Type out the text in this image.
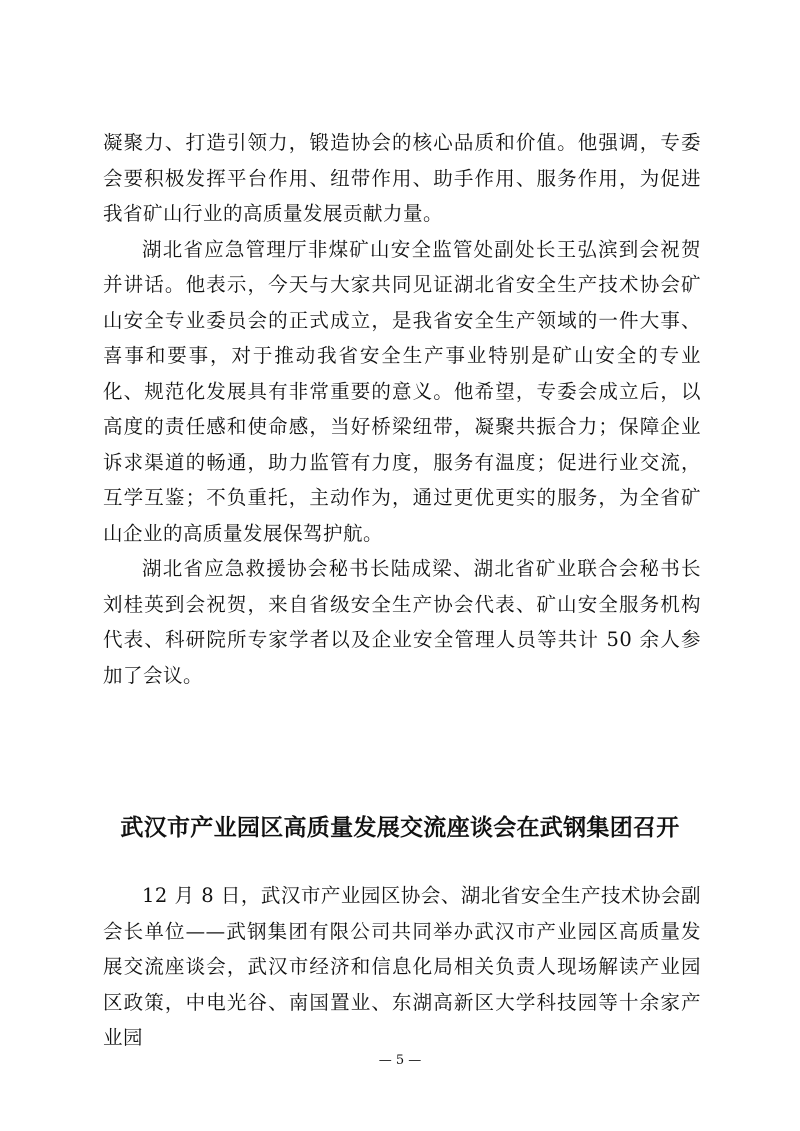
凝聚力、打造引领力，锻造协会的核心品质和价值。他强调，专委会要积极发挥平台作用、纽带作用、助手作用、服务作用，为促进我省矿山行业的高质量发展贡献力量。

湖北省应急管理厅非煤矿山安全监管处副处长王弘滨到会祝贺并讲话。他表示，今天与大家共同见证湖北省安全生产技术协会矿山安全专业委员会的正式成立，是我省安全生产领域的一件大事、喜事和要事，对于推动我省安全生产事业特别是矿山安全的专业化、规范化发展具有非常重要的意义。他希望，专委会成立后，以高度的责任感和使命感，当好桥梁纽带，凝聚共振合力；保障企业诉求渠道的畅通，助力监管有力度，服务有温度；促进行业交流，互学互鉴；不负重托，主动作为，通过更优更实的服务，为全省矿山企业的高质量发展保驾护航。

湖北省应急救援协会秘书长陆成梁、湖北省矿业联合会秘书长刘桂英到会祝贺，来自省级安全生产协会代表、矿山安全服务机构代表、科研院所专家学者以及企业安全管理人员等共计 50 余人参加了会议。

武汉市产业园区高质量发展交流座谈会在武钢集团召开

12 月 8 日，武汉市产业园区协会、湖北省安全生产技术协会副会长单位——武钢集团有限公司共同举办武汉市产业园区高质量发展交流座谈会，武汉市经济和信息化局相关负责人现场解读产业园区政策，中电光谷、南国置业、东湖高新区大学科技园等十余家产业园

— 5 —
